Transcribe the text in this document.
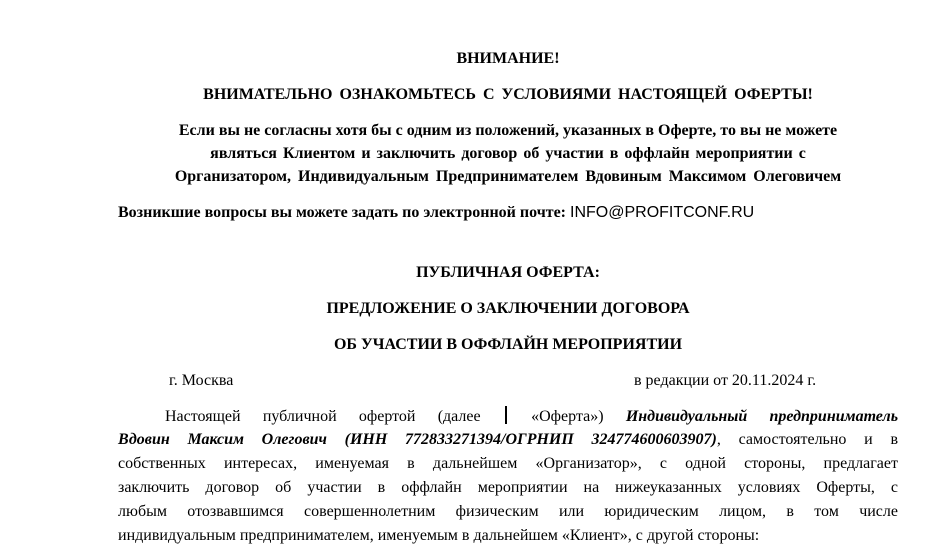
ВНИМАНИЕ!
ВНИМАТЕЛЬНО ОЗНАКОМЬТЕСЬ С УСЛОВИЯМИ НАСТОЯЩЕЙ ОФЕРТЫ!
Если вы не согласны хотя бы с одним из положений, указанных в Оферте, то вы не можете
являться Клиентом и заключить договор об участии в оффлайн мероприятии с
Организатором, Индивидуальным Предпринимателем Вдовиным Максимом Олеговичем
Возникшие вопросы вы можете задать по электронной почте: INFO@PROFITCONF.RU
ПУБЛИЧНАЯ ОФЕРТА:
ПРЕДЛОЖЕНИЕ О ЗАКЛЮЧЕНИИ ДОГОВОРА
ОБ УЧАСТИИ В ОФФЛАЙН МЕРОПРИЯТИИ
г. Москва	в редакции от 20.11.2024 г.
Настоящей публичной офертой (далее	«Оферта») Индивидуальный предприниматель
Вдовин Максим Олегович (ИНН 772833271394/ОГРНИП 324774600603907), самостоятельно и в
собственных интересах, именуемая в дальнейшем «Организатор», с одной стороны, предлагает
заключить договор об участии в оффлайн мероприятии на нижеуказанных условиях Оферты, с
любым отозвавшимся совершеннолетним физическим или юридическим лицом, в том числе
индивидуальным предпринимателем, именуемым в дальнейшем «Клиент», с другой стороны:
